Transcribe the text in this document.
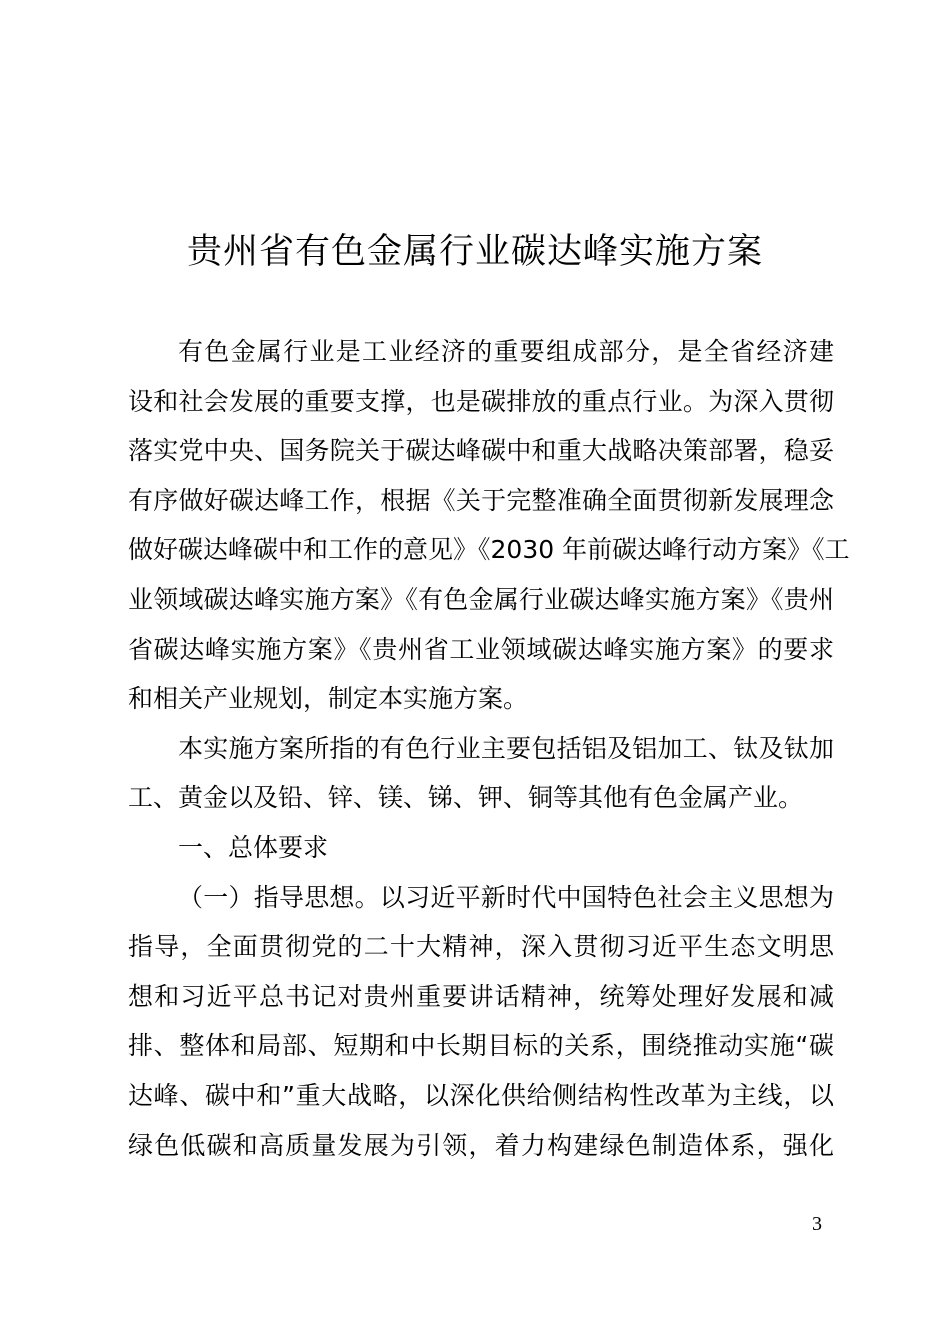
贵州省有色金属行业碳达峰实施方案
有色金属行业是工业经济的重要组成部分，是全省经济建
设和社会发展的重要支撑，也是碳排放的重点行业。为深入贯彻
落实党中央、国务院关于碳达峰碳中和重大战略决策部署，稳妥
有序做好碳达峰工作，根据《关于完整准确全面贯彻新发展理念
做好碳达峰碳中和工作的意见》《2030 年前碳达峰行动方案》《工
业领域碳达峰实施方案》《有色金属行业碳达峰实施方案》《贵州
省碳达峰实施方案》《贵州省工业领域碳达峰实施方案》的要求
和相关产业规划，制定本实施方案。
本实施方案所指的有色行业主要包括铝及铝加工、钛及钛加
工、黄金以及铅、锌、镁、锑、钾、铜等其他有色金属产业。
一、总体要求
（一）指导思想。以习近平新时代中国特色社会主义思想为
指导，全面贯彻党的二十大精神，深入贯彻习近平生态文明思
想和习近平总书记对贵州重要讲话精神，统筹处理好发展和减
排、整体和局部、短期和中长期目标的关系，围绕推动实施“碳
达峰、碳中和”重大战略，以深化供给侧结构性改革为主线，以
绿色低碳和高质量发展为引领，着力构建绿色制造体系，强化
3
